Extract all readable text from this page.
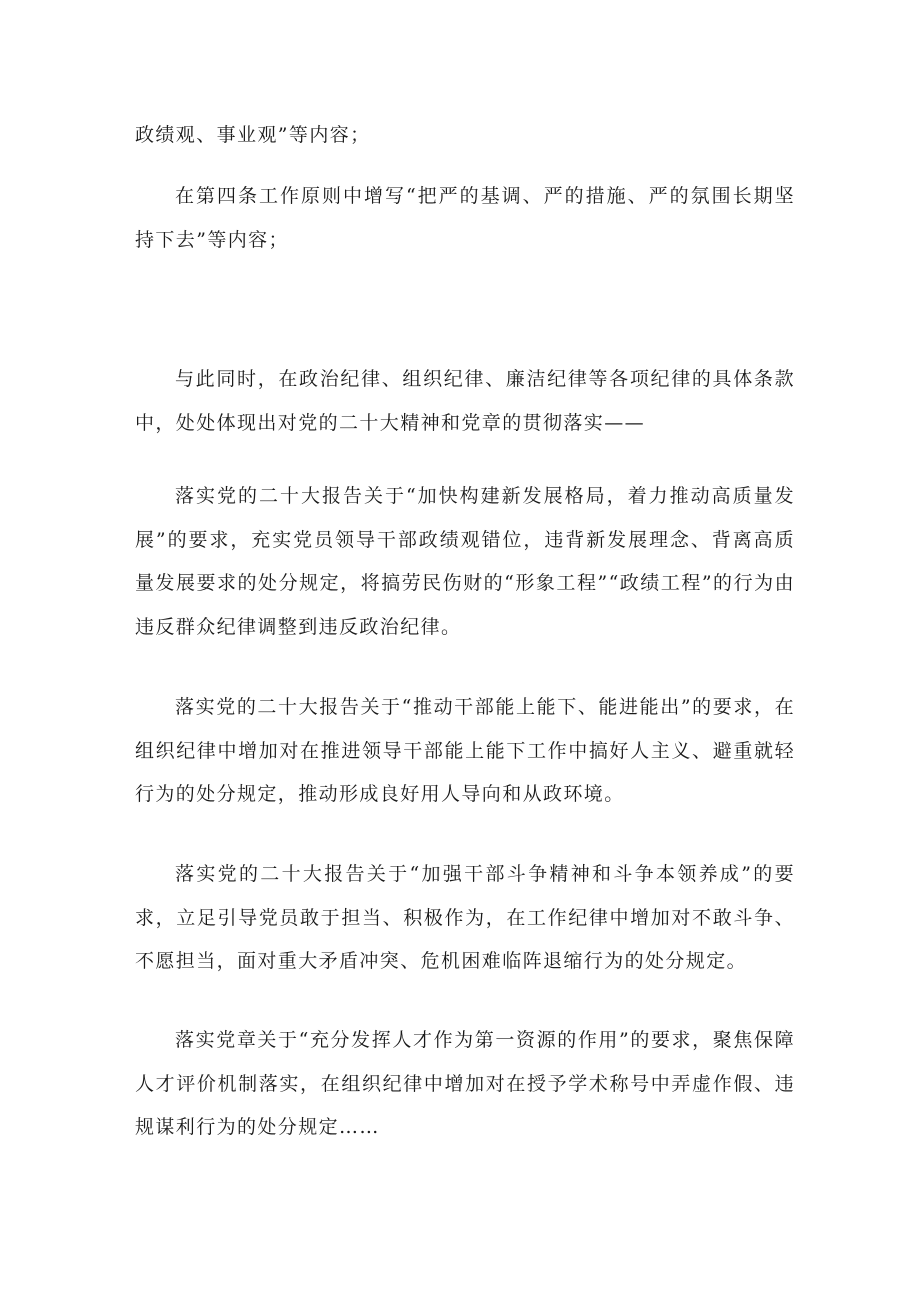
政绩观、事业观”等内容；

在第四条工作原则中增写“把严的基调、严的措施、严的氛围长期坚持下去”等内容；

与此同时，在政治纪律、组织纪律、廉洁纪律等各项纪律的具体条款中，处处体现出对党的二十大精神和党章的贯彻落实——

落实党的二十大报告关于“加快构建新发展格局，着力推动高质量发展”的要求，充实党员领导干部政绩观错位，违背新发展理念、背离高质量发展要求的处分规定，将搞劳民伤财的“形象工程”“政绩工程”的行为由违反群众纪律调整到违反政治纪律。

落实党的二十大报告关于“推动干部能上能下、能进能出”的要求，在组织纪律中增加对在推进领导干部能上能下工作中搞好人主义、避重就轻行为的处分规定，推动形成良好用人导向和从政环境。

落实党的二十大报告关于“加强干部斗争精神和斗争本领养成”的要求，立足引导党员敢于担当、积极作为，在工作纪律中增加对不敢斗争、不愿担当，面对重大矛盾冲突、危机困难临阵退缩行为的处分规定。

落实党章关于“充分发挥人才作为第一资源的作用”的要求，聚焦保障人才评价机制落实，在组织纪律中增加对在授予学术称号中弄虚作假、违规谋利行为的处分规定……
